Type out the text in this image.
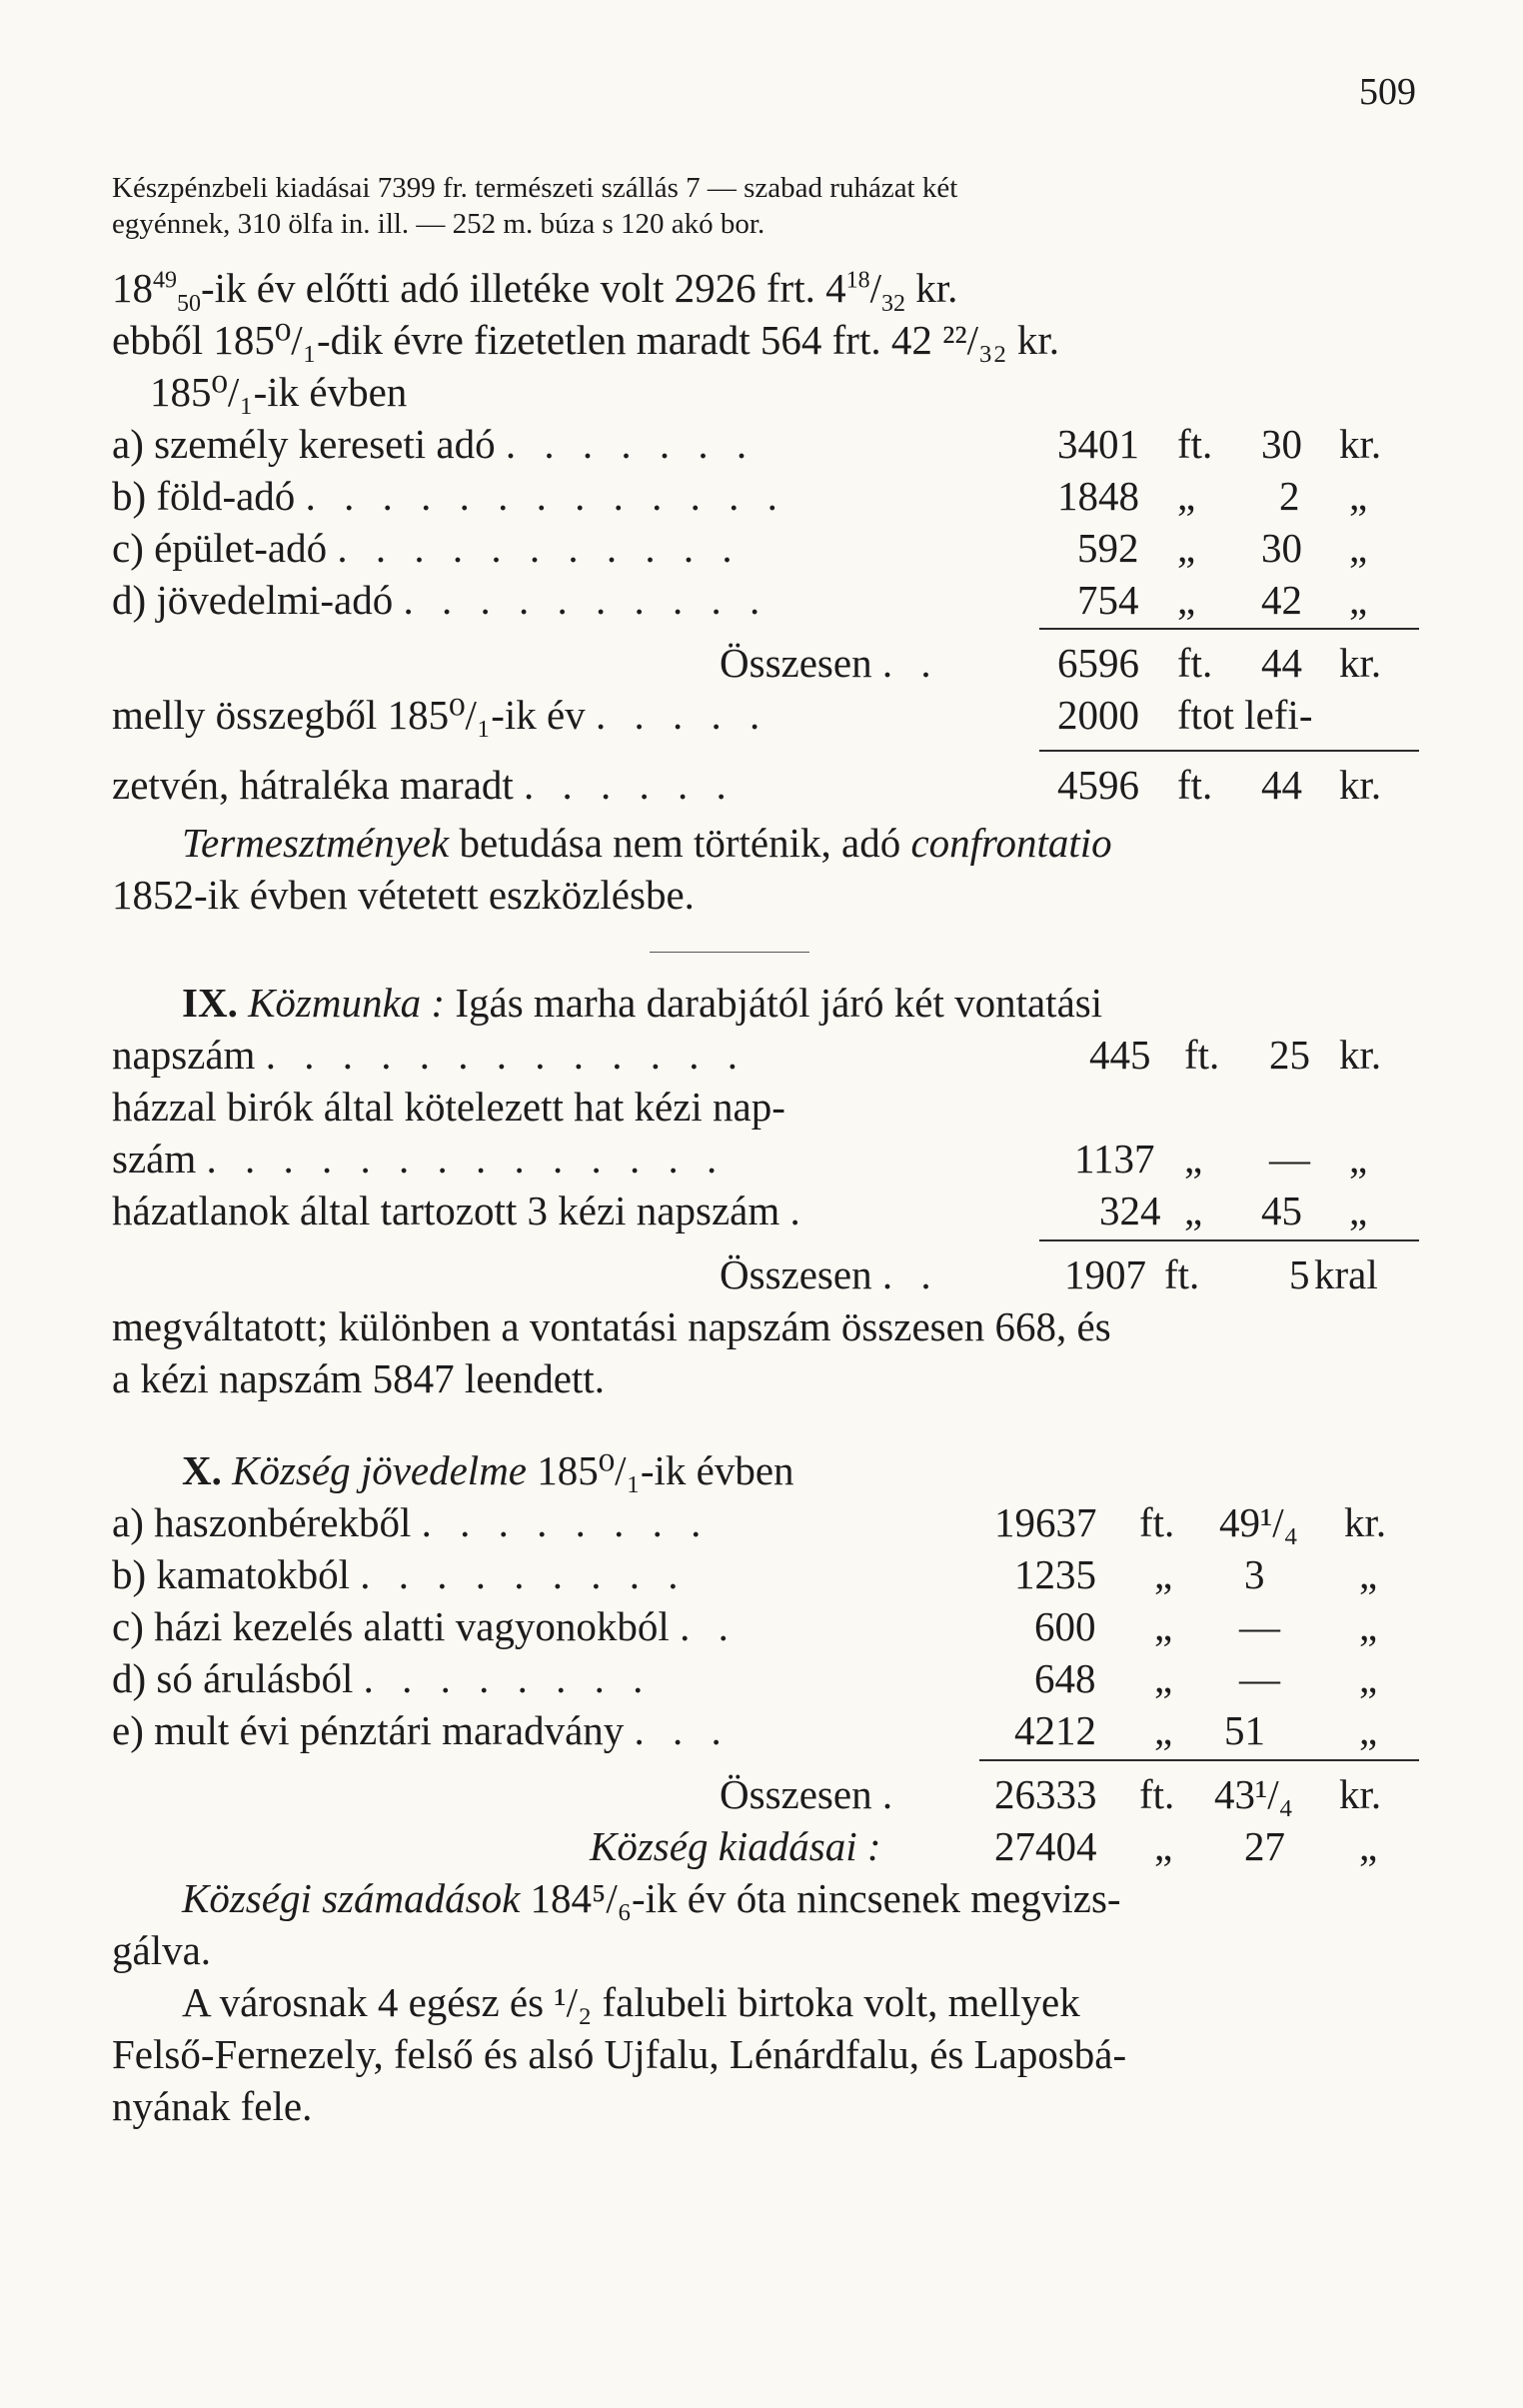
509
Készpénzbeli kiadásai 7399 fr. természeti szállás 7 — szabad ruházat két
egyénnek, 310 ölfa in. ill. — 252 m. búza s 120 akó bor.
$18^{49}_{50}-ik$ év előtti adó illetéke volt 2926 frt. $4^{18}/_{32}$ kr.
ebből 185⁰/₁-dik évre fizetetlen maradt 564 frt. 42 ²²/₃₂ kr.
185⁰/₁-ik évben
a) személy kereseti adó . . . . . . .	3401 ft. 30 kr.
b) föld-adó . . . . . . . . . . . . .	1848 „ 2 „
c) épület-adó . . . . . . . . . . .	592 „ 30 „
d) jövedelmi-adó . . . . . . . . . .	754 „ 42 „
Összesen . .	6596 ft. 44 kr.
melly összegből 185⁰/₁-ik év . . . . .	2000 ftot lefi-
zetvén, hátraléka maradt . . . . . .	4596 ft. 44 kr.
Termesztmények betudása nem történik, adó confrontatio
1852-ik évben vétetett eszközlésbe.
IX. Közmunka : Igás marha darabjától járó két vontatási
napszám . . . . . . . . . . . . .	445 ft. 25 kr.
házzal birók által kötelezett hat kézi nap-
szám . . . . . . . . . . . . . .	1137 „ — „
házatlanok által tartozott 3 kézi napszám .	324 „ 45 „
Összesen . .	1907 ft. 5 kral
megváltatott; különben a vontatási napszám összesen 668, és
a kézi napszám 5847 leendett.
X. Község jövedelme 185⁰/₁-ik évben
a) haszonbérekből . . . . . . . .	19637 ft. 49¹/₄ kr.
b) kamatokból . . . . . . . . .	1235 „ 3 „
c) házi kezelés alatti vagyonokból . .	600 „ — „
d) só árulásból . . . . . . . .	648 „ — „
e) mult évi pénztári maradvány . . .	4212 „ 51 „
Összesen . 26333 ft. 43¹/₄ kr.
Község kiadásai :	27404 „ 27 „
Községi számadások 184⁵/₆-ik év óta nincsenek megvizs-
gálva.
A városnak 4 egész és ¹/₂ falubeli birtoka volt, mellyek
Felső-Fernezely, felső és alsó Ujfalu, Lénárdfalu, és Laposbá-
nyának fele.
